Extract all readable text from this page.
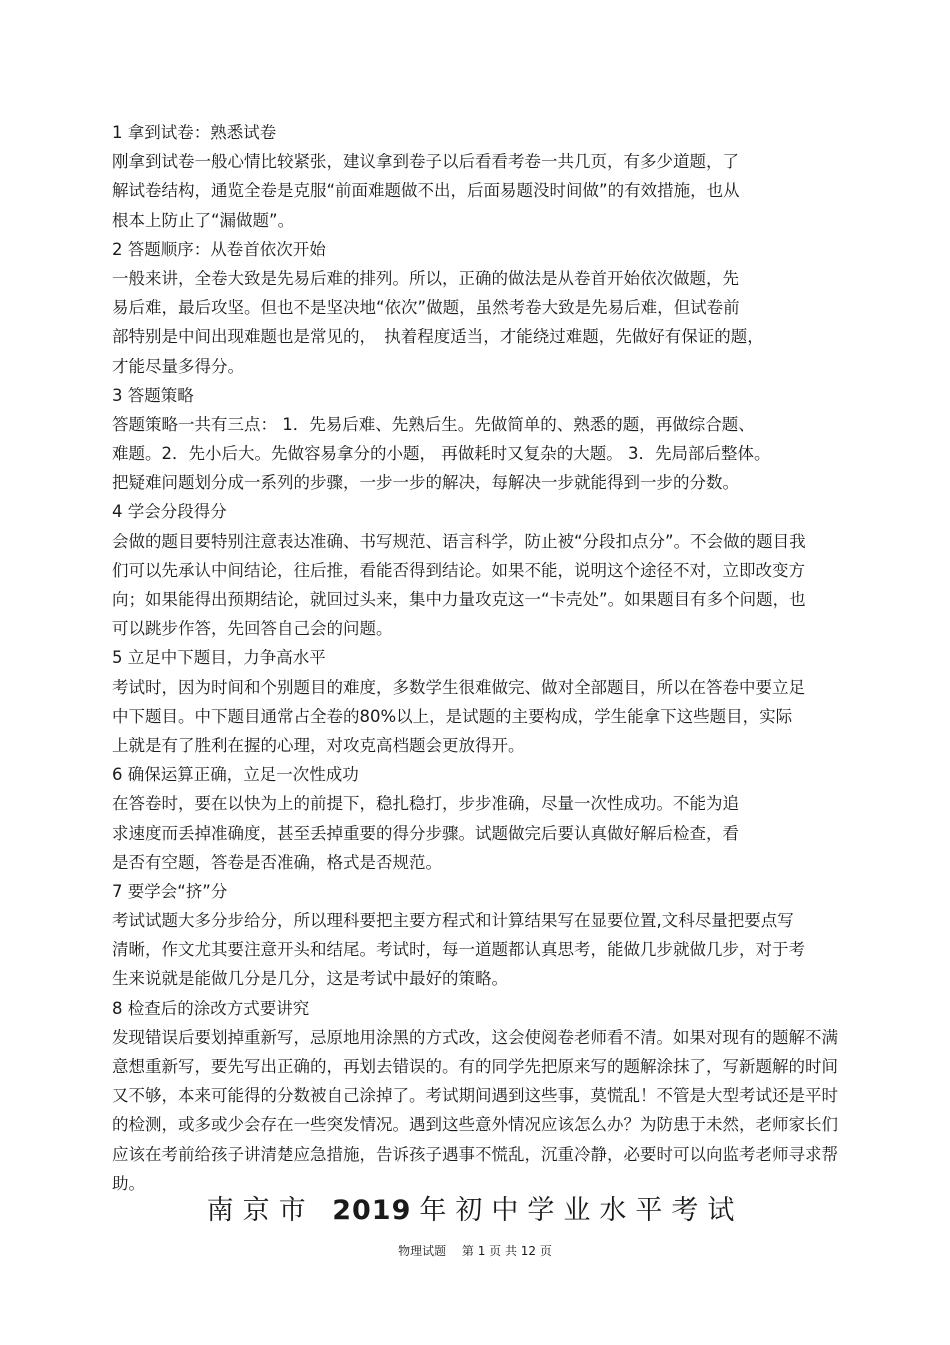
1 拿到试卷：熟悉试卷
刚拿到试卷一般心情比较紧张，建议拿到卷子以后看看考卷一共几页，有多少道题，了
解试卷结构，通览全卷是克服“前面难题做不出，后面易题没时间做”的有效措施，也从
根本上防止了“漏做题”。
2 答题顺序：从卷首依次开始
一般来讲，全卷大致是先易后难的排列。所以，正确的做法是从卷首开始依次做题，先
易后难，最后攻坚。但也不是坚决地“依次”做题，虽然考卷大致是先易后难，但试卷前
部特别是中间出现难题也是常见的，　执着程度适当，才能绕过难题，先做好有保证的题，
才能尽量多得分。
3 答题策略
答题策略一共有三点： 1．先易后难、先熟后生。先做简单的、熟悉的题，再做综合题、
难题。2．先小后大。先做容易拿分的小题， 再做耗时又复杂的大题。 3．先局部后整体。
把疑难问题划分成一系列的步骤，一步一步的解决，每解决一步就能得到一步的分数。
4 学会分段得分
会做的题目要特别注意表达准确、书写规范、语言科学，防止被“分段扣点分”。不会做的题目我
们可以先承认中间结论，往后推，看能否得到结论。如果不能，说明这个途径不对，立即改变方
向；如果能得出预期结论，就回过头来，集中力量攻克这一“卡壳处”。如果题目有多个问题，也
可以跳步作答，先回答自己会的问题。
5 立足中下题目，力争高水平
考试时，因为时间和个别题目的难度，多数学生很难做完、做对全部题目，所以在答卷中要立足
中下题目。中下题目通常占全卷的80%以上，是试题的主要构成，学生能拿下这些题目，实际
上就是有了胜利在握的心理，对攻克高档题会更放得开。
6 确保运算正确，立足一次性成功
在答卷时，要在以快为上的前提下，稳扎稳打，步步准确，尽量一次性成功。不能为追
求速度而丢掉准确度，甚至丢掉重要的得分步骤。试题做完后要认真做好解后检查，看
是否有空题，答卷是否准确，格式是否规范。
7 要学会“挤”分
考试试题大多分步给分，所以理科要把主要方程式和计算结果写在显要位置,文科尽量把要点写
清晰，作文尤其要注意开头和结尾。考试时，每一道题都认真思考，能做几步就做几步，对于考
生来说就是能做几分是几分，这是考试中最好的策略。
8 检查后的涂改方式要讲究
发现错误后要划掉重新写，忌原地用涂黑的方式改，这会使阅卷老师看不清。如果对现有的题解不满
意想重新写，要先写出正确的，再划去错误的。有的同学先把原来写的题解涂抹了，写新题解的时间
又不够，本来可能得的分数被自己涂掉了。考试期间遇到这些事，莫慌乱！不管是大型考试还是平时
的检测，或多或少会存在一些突发情况。遇到这些意外情况应该怎么办？为防患于未然，老师家长们
应该在考前给孩子讲清楚应急措施，告诉孩子遇事不慌乱，沉重冷静，必要时可以向监考老师寻求帮
助。
南京市 2019 年初中学业水平考试
物理试题　 第 1 页 共 12 页
